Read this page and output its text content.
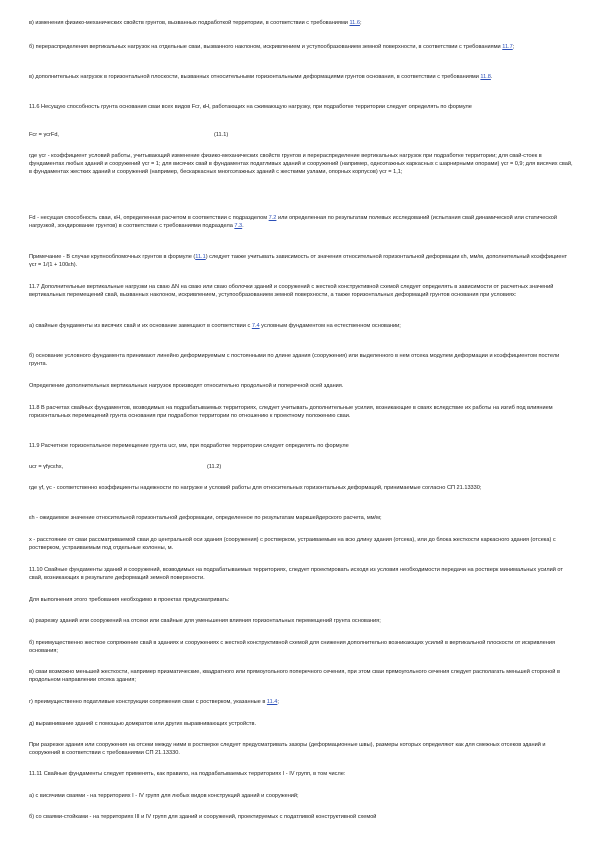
в) изменения физико-механических свойств грунтов, вызванных подработкой территории, в соответствии с требованиями 11.6;

б) перераспределения вертикальных нагрузок на отдельные сваи, вызванного наклоном, искривлением и уступообразованием земной поверхности, в соответствии с требованиями 11.7;

в) дополнительных нагрузок в горизонтальной плоскости, вызванных относительными горизонтальными деформациями грунтов основания, в соответствии с требованиями 11.8.

11.6 Несущую способность грунта основания сваи всех видов Fcr, кН, работающих на сжимающую нагрузку, при подработке территории следует определять по формуле

Fcr = γcrFd,	(11.1)

где γcr - коэффициент условий работы, учитывающий изменение физико-механических свойств грунтов и перераспределение вертикальных нагрузок при подработке территории; для свай-стоек в фундаментах любых зданий и сооружений γcr = 1; для висячих свай в фундаментах податливых зданий и сооружений (например, одноэтажных каркасных с шарнирными опорами) γcr = 0,9; для висячих свай, в фундаментах жестких зданий и сооружений (например, бескаркасных многоэтажных зданий с жесткими узлами, опорных корпусов) γcr = 1,1;

Fd - несущая способность сваи, кН, определенная расчетом в соответствии с подразделом 7.2 или определенная по результатам полевых исследований (испытания свай динамической или статической нагрузкой, зондирование грунтов) в соответствии с требованиями подраздела 7.3.

Примечание - В случае крупнообломочных грунтов в формуле (11.1) следует также учитывать зависимость от значения относительной горизонтальной деформации εh, мм/м, дополнительный коэффициент γcr = 1/(1 + 100εh).

11.7 Дополнительные вертикальные нагрузки на сваю ΔN на сваю или сваю оболочки зданий и сооружений с жесткой конструктивной схемой следует определять в зависимости от расчетных значений вертикальных перемещений свай, вызванных наклоном, искривлением, уступообразованием земной поверхности, а также горизонтальных деформаций грунтов основания при условиях:

а) свайные фундаменты из висячих свай и их основание замещают в соответствии с 7.4 условным фундаментом на естественном основании;

б) основание условного фундамента принимают линейно деформируемым с постоянными по длине здания (сооружения) или выделенного в нем отсека модулем деформации и коэффициентом постели грунта.

Определение дополнительных вертикальных нагрузок производят относительно продольной и поперечной осей здания.

11.8 В расчетах свайных фундаментов, возводимых на подрабатываемых территориях, следует учитывать дополнительные усилия, возникающие в сваях вследствие их работы на изгиб под влиянием горизонтальных перемещений грунта основания при подработке территории по отношению к проектному положению сваи.

11.9 Расчетное горизонтальное перемещение грунта ucr, мм, при подработке территории следует определять по формуле

ucr = γfγcεhx,	(11.2)

где γf, γc - соответственно коэффициенты надежности по нагрузке и условий работы для относительных горизонтальных деформаций, принимаемые согласно СП 21.13330;

εh - ожидаемое значение относительной горизонтальной деформации, определенное по результатам маркшейдерского расчета, мм/м;

x - расстояние от сваи рассматриваемой сваи до центральной оси здания (сооружения) с ростверком, устраиваемым на всю длину здания (отсека), или до блока жесткости каркасного здания (отсека) с ростверком, устраиваемым под отдельные колонны, м.

11.10 Свайные фундаменты зданий и сооружений, возводимых на подрабатываемых территориях, следует проектировать исходя из условия необходимости передачи на ростверк минимальных усилий от свай, возникающих в результате деформаций земной поверхности.

Для выполнения этого требования необходимо в проектах предусматривать:

а) разрезку зданий или сооружений на отсеки или свайные для уменьшения влияния горизонтальных перемещений грунта основания;

б) преимущественно жесткое сопряжение свай в зданиях и сооружениях с жесткой конструктивной схемой для снижения дополнительно возникающих усилий в вертикальной плоскости от искривления основания;

в) сваи возможно меньшей жесткости, например призматические, квадратного или прямоугольного поперечного сечения, при этом сваи прямоугольного сечения следует располагать меньшей стороной в продольном направлении отсека здания;

г) преимущественно податливые конструкции сопряжения сваи с ростверком, указанные в 11.4;

д) выравнивание зданий с помощью домкратов или других выравнивающих устройств.

При разрезке здания или сооружения на отсеки между ними в ростверке следует предусматривать зазоры (деформационные швы), размеры которых определяют как для смежных отсеков зданий и сооружений в соответствии с требованиями СП 21.13330.

11.11 Свайные фундаменты следует применять, как правило, на подрабатываемых территориях I - IV групп, в том числе:

а) с висячими сваями - на территориях I - IV групп для любых видов конструкций зданий и сооружений;

б) со сваями-стойками - на территориях III и IV групп для зданий и сооружений, проектируемых с податливой конструктивной схемой
